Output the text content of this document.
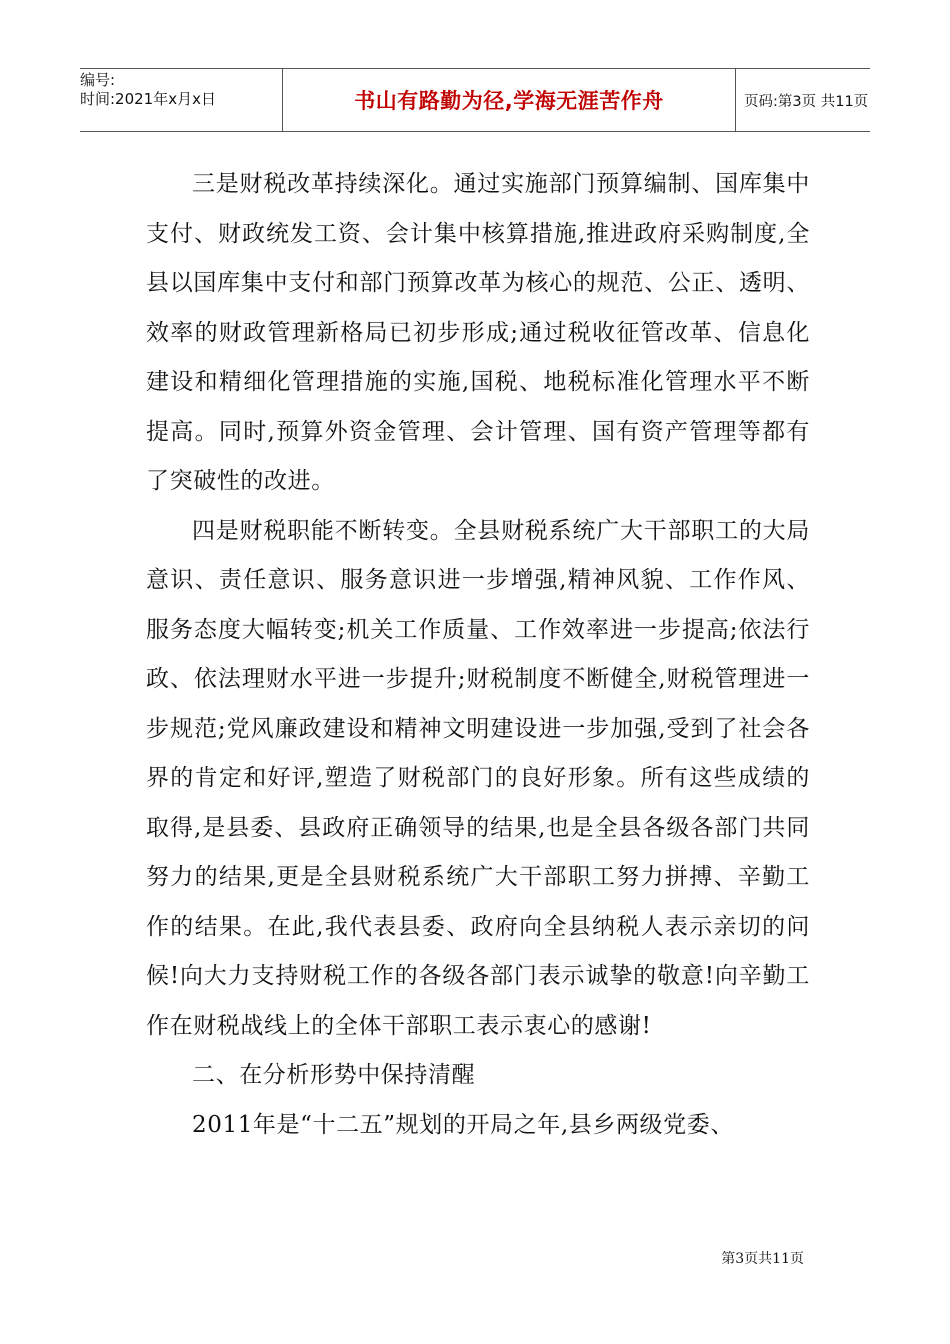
编号:
时间:2021年x月x日	书山有路勤为径,学海无涯苦作舟	页码:第3页 共11页

三是财税改革持续深化。通过实施部门预算编制、国库集中支付、财政统发工资、会计集中核算措施,推进政府采购制度,全县以国库集中支付和部门预算改革为核心的规范、公正、透明、效率的财政管理新格局已初步形成;通过税收征管改革、信息化建设和精细化管理措施的实施,国税、地税标准化管理水平不断提高。同时,预算外资金管理、会计管理、国有资产管理等都有了突破性的改进。

四是财税职能不断转变。全县财税系统广大干部职工的大局意识、责任意识、服务意识进一步增强,精神风貌、工作作风、服务态度大幅转变;机关工作质量、工作效率进一步提高;依法行政、依法理财水平进一步提升;财税制度不断健全,财税管理进一步规范;党风廉政建设和精神文明建设进一步加强,受到了社会各界的肯定和好评,塑造了财税部门的良好形象。所有这些成绩的取得,是县委、县政府正确领导的结果,也是全县各级各部门共同努力的结果,更是全县财税系统广大干部职工努力拼搏、辛勤工作的结果。在此,我代表县委、政府向全县纳税人表示亲切的问候!向大力支持财税工作的各级各部门表示诚挚的敬意!向辛勤工作在财税战线上的全体干部职工表示衷心的感谢!

二、在分析形势中保持清醒

2011年是“十二五”规划的开局之年,县乡两级党委、

第3页共11页
